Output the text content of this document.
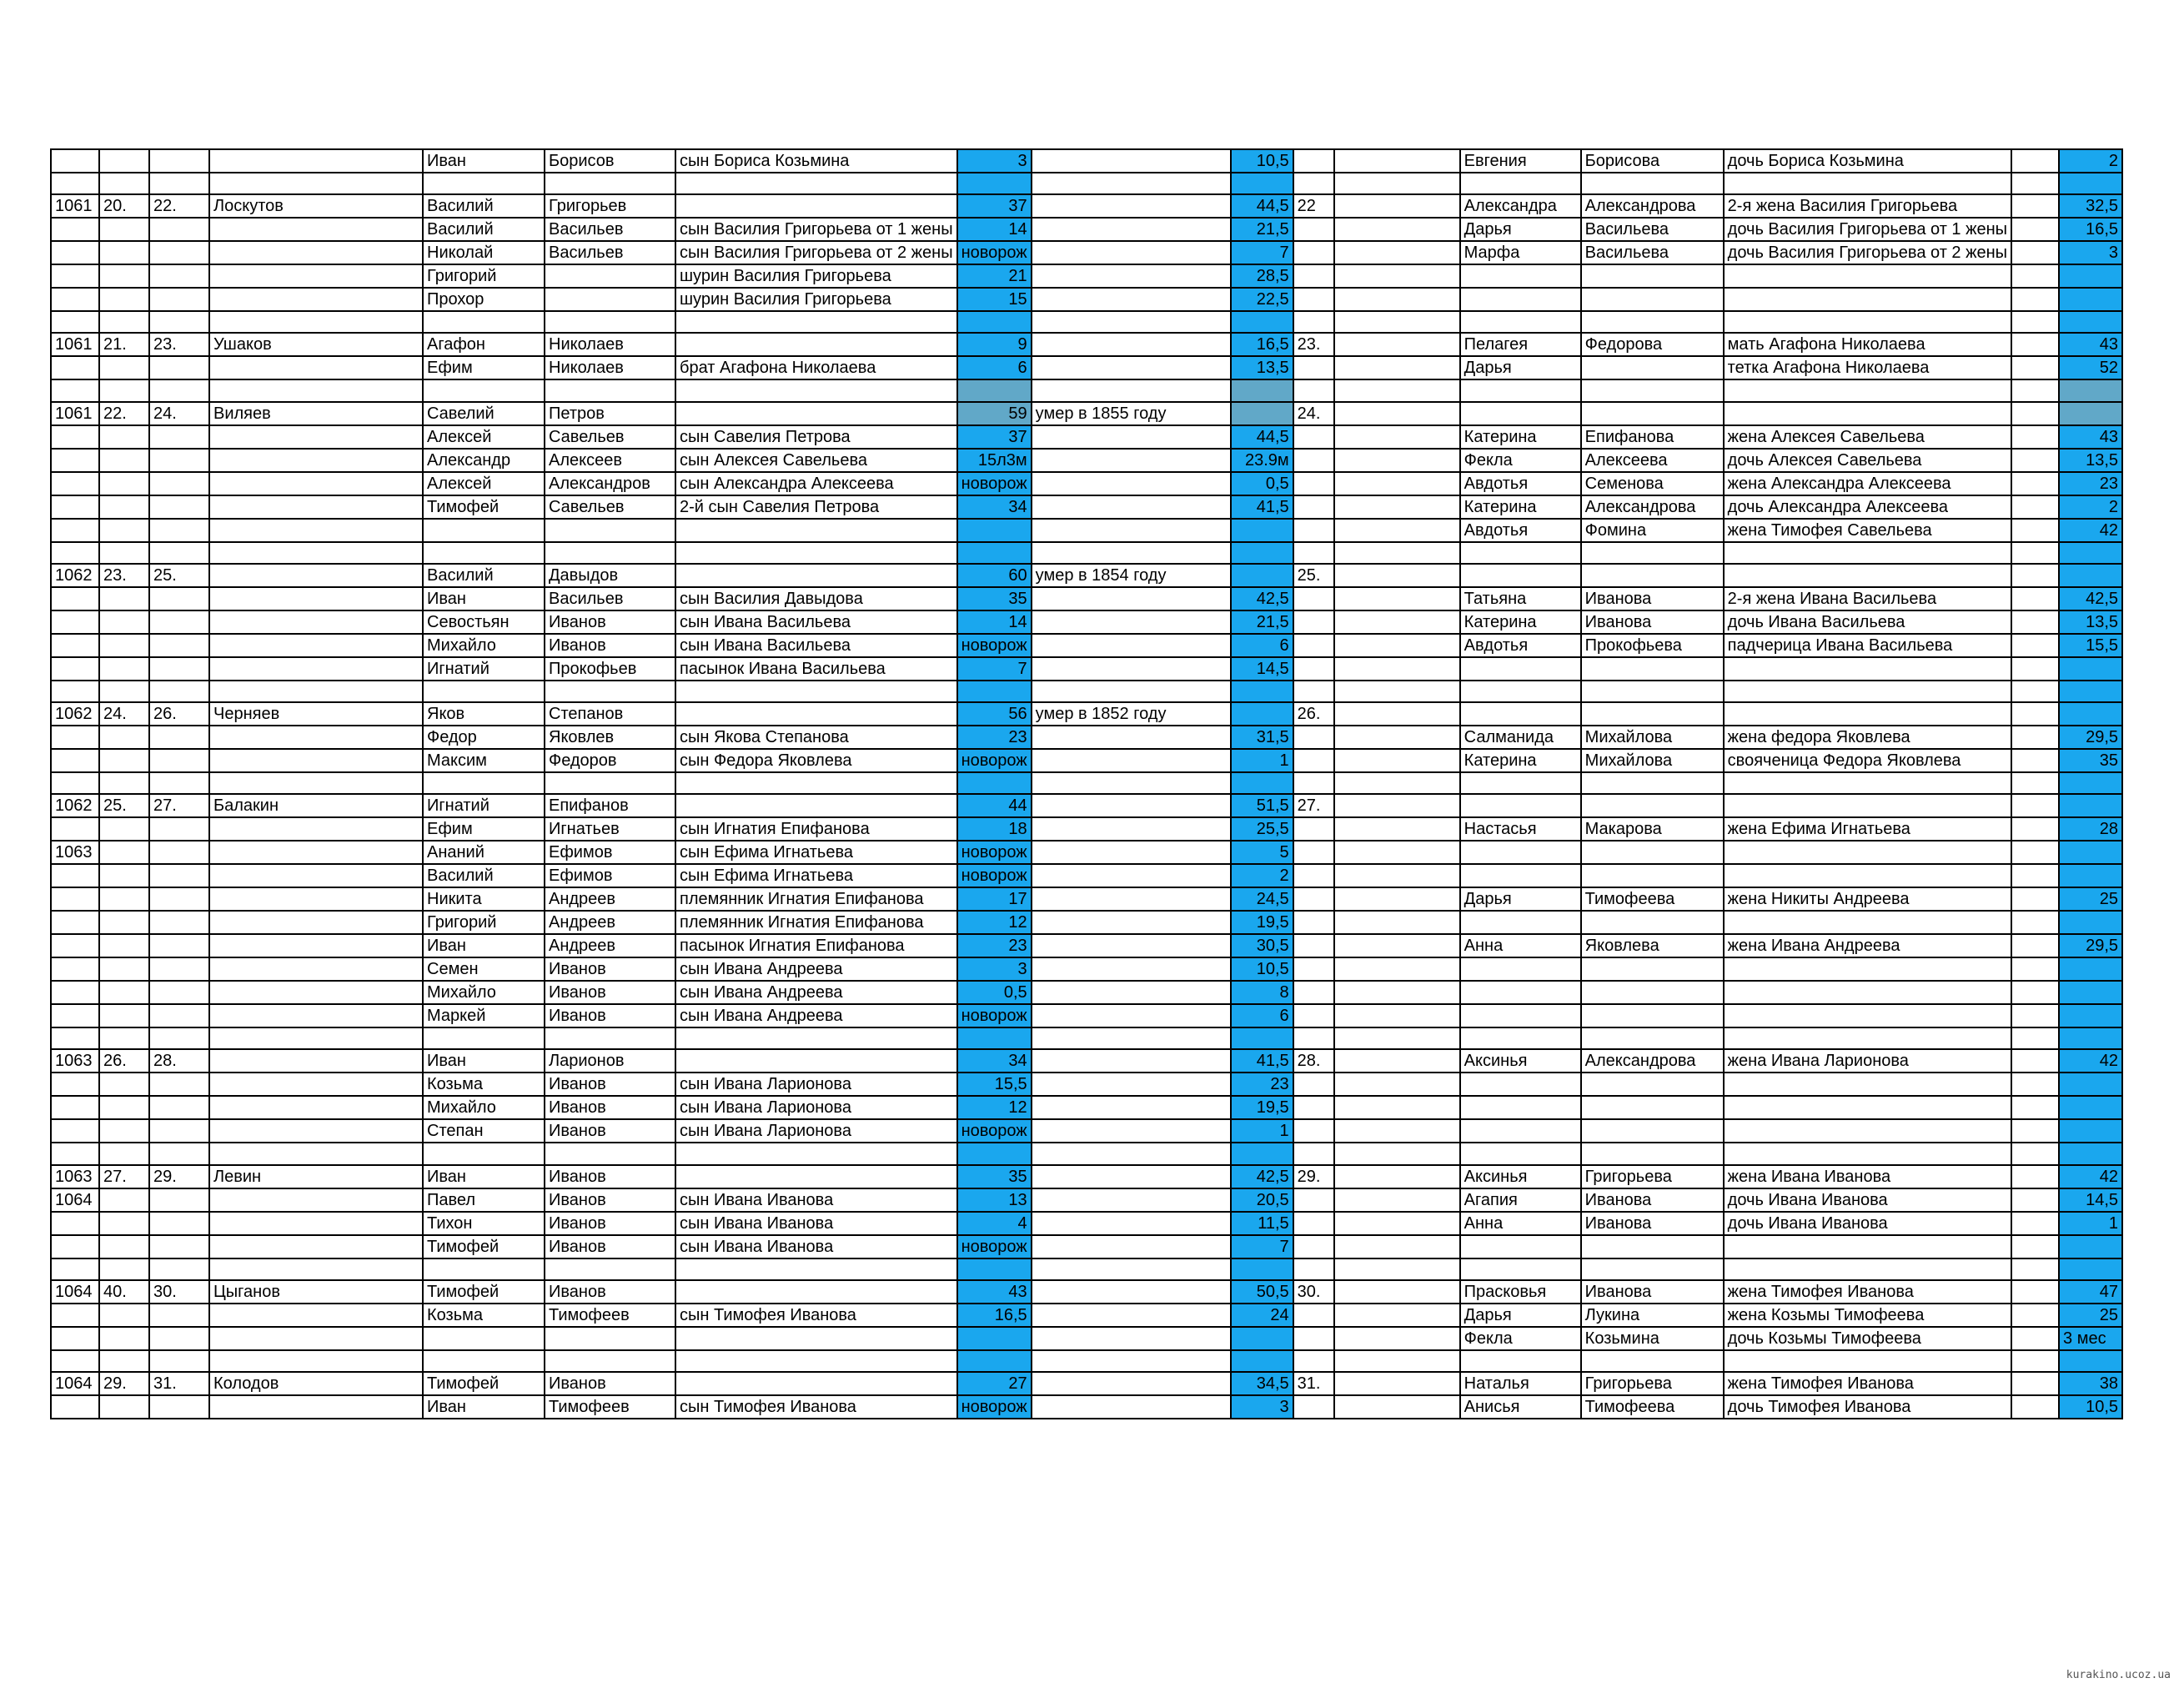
				Иван	Борисов	сын Бориса Козьмина	3		10,5			Евгения	Борисова	дочь Бориса Козьмина		2

1061	20.	22.	Лоскутов	Василий	Григорьев		37		44,5	22		Александра	Александрова	2-я жена Василия Григорьева		32,5
				Василий	Васильев	сын Василия Григорьева от 1 жены	14		21,5			Дарья	Васильева	дочь Василия Григорьева от 1 жены		16,5
				Николай	Васильев	сын Василия Григорьева от 2 жены	новорож		7			Марфа	Васильева	дочь Василия Григорьева от 2 жены		3
				Григорий		шурин Василия Григорьева	21		28,5							
				Прохор		шурин Василия Григорьева	15		22,5							

1061	21.	23.	Ушаков	Агафон	Николаев		9		16,5	23.		Пелагея	Федорова	мать Агафона Николаева		43
				Ефим	Николаев	брат Агафона Николаева	6		13,5			Дарья		тетка Агафона Николаева		52

1061	22.	24.	Виляев	Савелий	Петров		59	умер в 1855 году		24.						
				Алексей	Савельев	сын Савелия Петрова	37		44,5			Катерина	Епифанова	жена Алексея Савельева		43
				Александр	Алексеев	сын Алексея Савельева	15л3м		23.9м			Фекла	Алексеева	дочь Алексея Савельева		13,5
				Алексей	Александров	сын Александра Алексеева	новорож		0,5			Авдотья	Семенова	жена Александра Алексеева		23
				Тимофей	Савельев	2-й сын Савелия Петрова	34		41,5			Катерина	Александрова	дочь Александра Алексеева		2
												Авдотья	Фомина	жена Тимофея Савельева		42

1062	23.	25.		Василий	Давыдов		60	умер в 1854 году		25.						
				Иван	Васильев	сын Василия Давыдова	35		42,5			Татьяна	Иванова	2-я жена Ивана Васильева		42,5
				Севостьян	Иванов	сын Ивана Васильева	14		21,5			Катерина	Иванова	дочь Ивана Васильева		13,5
				Михайло	Иванов	сын Ивана Васильева	новорож		6			Авдотья	Прокофьева	падчерица Ивана Васильева		15,5
				Игнатий	Прокофьев	пасынок Ивана Васильева	7		14,5							

1062	24.	26.	Черняев	Яков	Степанов		56	умер в 1852 году		26.						
				Федор	Яковлев	сын Якова Степанова	23		31,5			Салманида	Михайлова	жена федора Яковлева		29,5
				Максим	Федоров	сын Федора Яковлева	новорож		1			Катерина	Михайлова	свояченица Федора Яковлева		35

1062	25.	27.	Балакин	Игнатий	Епифанов		44		51,5	27.						
				Ефим	Игнатьев	сын Игнатия Епифанова	18		25,5			Настасья	Макарова	жена Ефима Игнатьева		28
1063				Ананий	Ефимов	сын Ефима Игнатьева	новорож		5							
				Василий	Ефимов	сын Ефима Игнатьева	новорож		2							
				Никита	Андреев	племянник Игнатия Епифанова	17		24,5			Дарья	Тимофеева	жена Никиты Андреева		25
				Григорий	Андреев	племянник Игнатия Епифанова	12		19,5							
				Иван	Андреев	пасынок Игнатия Епифанова	23		30,5			Анна	Яковлева	жена Ивана Андреева		29,5
				Семен	Иванов	сын Ивана Андреева	3		10,5							
				Михайло	Иванов	сын Ивана Андреева	0,5		8							
				Маркей	Иванов	сын Ивана Андреева	новорож		6							

1063	26.	28.		Иван	Ларионов		34		41,5	28.		Аксинья	Александрова	жена Ивана Ларионова		42
				Козьма	Иванов	сын Ивана Ларионова	15,5		23							
				Михайло	Иванов	сын Ивана Ларионова	12		19,5							
				Степан	Иванов	сын Ивана Ларионова	новорож		1							

1063	27.	29.	Левин	Иван	Иванов		35		42,5	29.		Аксинья	Григорьева	жена Ивана Иванова		42
1064				Павел	Иванов	сын Ивана Иванова	13		20,5			Агапия	Иванова	дочь Ивана Иванова		14,5
				Тихон	Иванов	сын Ивана Иванова	4		11,5			Анна	Иванова	дочь Ивана Иванова		1
				Тимофей	Иванов	сын Ивана Иванова	новорож		7							

1064	40.	30.	Цыганов	Тимофей	Иванов		43		50,5	30.		Прасковья	Иванова	жена Тимофея Иванова		47
				Козьма	Тимофеев	сын Тимофея Иванова	16,5		24			Дарья	Лукина	жена Козьмы Тимофеева		25
												Фекла	Козьмина	дочь Козьмы Тимофеева		3 мес

1064	29.	31.	Колодов	Тимофей	Иванов		27		34,5	31.		Наталья	Григорьева	жена Тимофея Иванова		38
				Иван	Тимофеев	сын Тимофея Иванова	новорож		3			Анисья	Тимофеева	дочь Тимофея Иванова		10,5
kurakino.ucoz.ua
